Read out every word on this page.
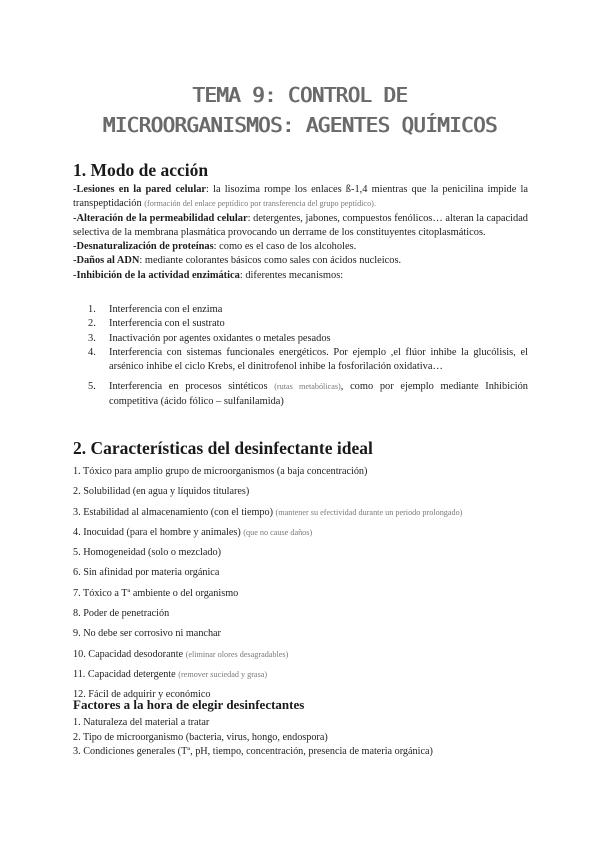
TEMA 9: CONTROL DE
MICROORGANISMOS: AGENTES QUÍMICOS
1. Modo de acción

-Lesiones en la pared celular: la lisozima rompe los enlaces ß-1,4 mientras que la penicilina impide la transpeptidación (formación del enlace peptídico por transferencia del grupo peptídico).

-Alteración de la permeabilidad celular: detergentes, jabones, compuestos fenólicos… alteran la capacidad selectiva de la membrana plasmática provocando un derrame de los constituyentes citoplasmáticos.

-Desnaturalización de proteínas: como es el caso de los alcoholes.

-Daños al ADN: mediante colorantes básicos como sales con ácidos nucleicos.

-Inhibición de la actividad enzimática: diferentes mecanismos:

1. Interferencia con el enzima
2. Interferencia con el sustrato
3. Inactivación por agentes oxidantes o metales pesados
4. Interferencia con sistemas funcionales energéticos. Por ejemplo ,el flúor inhibe la glucólisis, el arsénico inhibe el ciclo Krebs, el dinitrofenol inhibe la fosforilación oxidativa…
5. Interferencia en procesos sintéticos (rutas metabólicas), como por ejemplo mediante Inhibición competitiva (ácido fólico – sulfanilamida)
2. Características del desinfectante ideal
1. Tóxico para amplio grupo de microorganismos (a baja concentración)
2. Solubilidad (en agua y líquidos titulares)
3. Estabilidad al almacenamiento (con el tiempo) (mantener su efectividad durante un periodo prolongado)
4. Inocuidad (para el hombre y animales) (que no cause daños)
5. Homogeneidad (solo o mezclado)
6. Sin afinidad por materia orgánica
7. Tóxico a Tª ambiente o del organismo
8. Poder de penetración
9. No debe ser corrosivo ni manchar
10. Capacidad desodorante (eliminar olores desagradables)
11. Capacidad detergente (remover suciedad y grasa)
12. Fácil de adquirir y económico
Factores a la hora de elegir desinfectantes
1. Naturaleza del material a tratar
2. Tipo de microorganismo (bacteria, virus, hongo, endospora)
3. Condiciones generales (Tª, pH, tiempo, concentración, presencia de materia orgánica)
